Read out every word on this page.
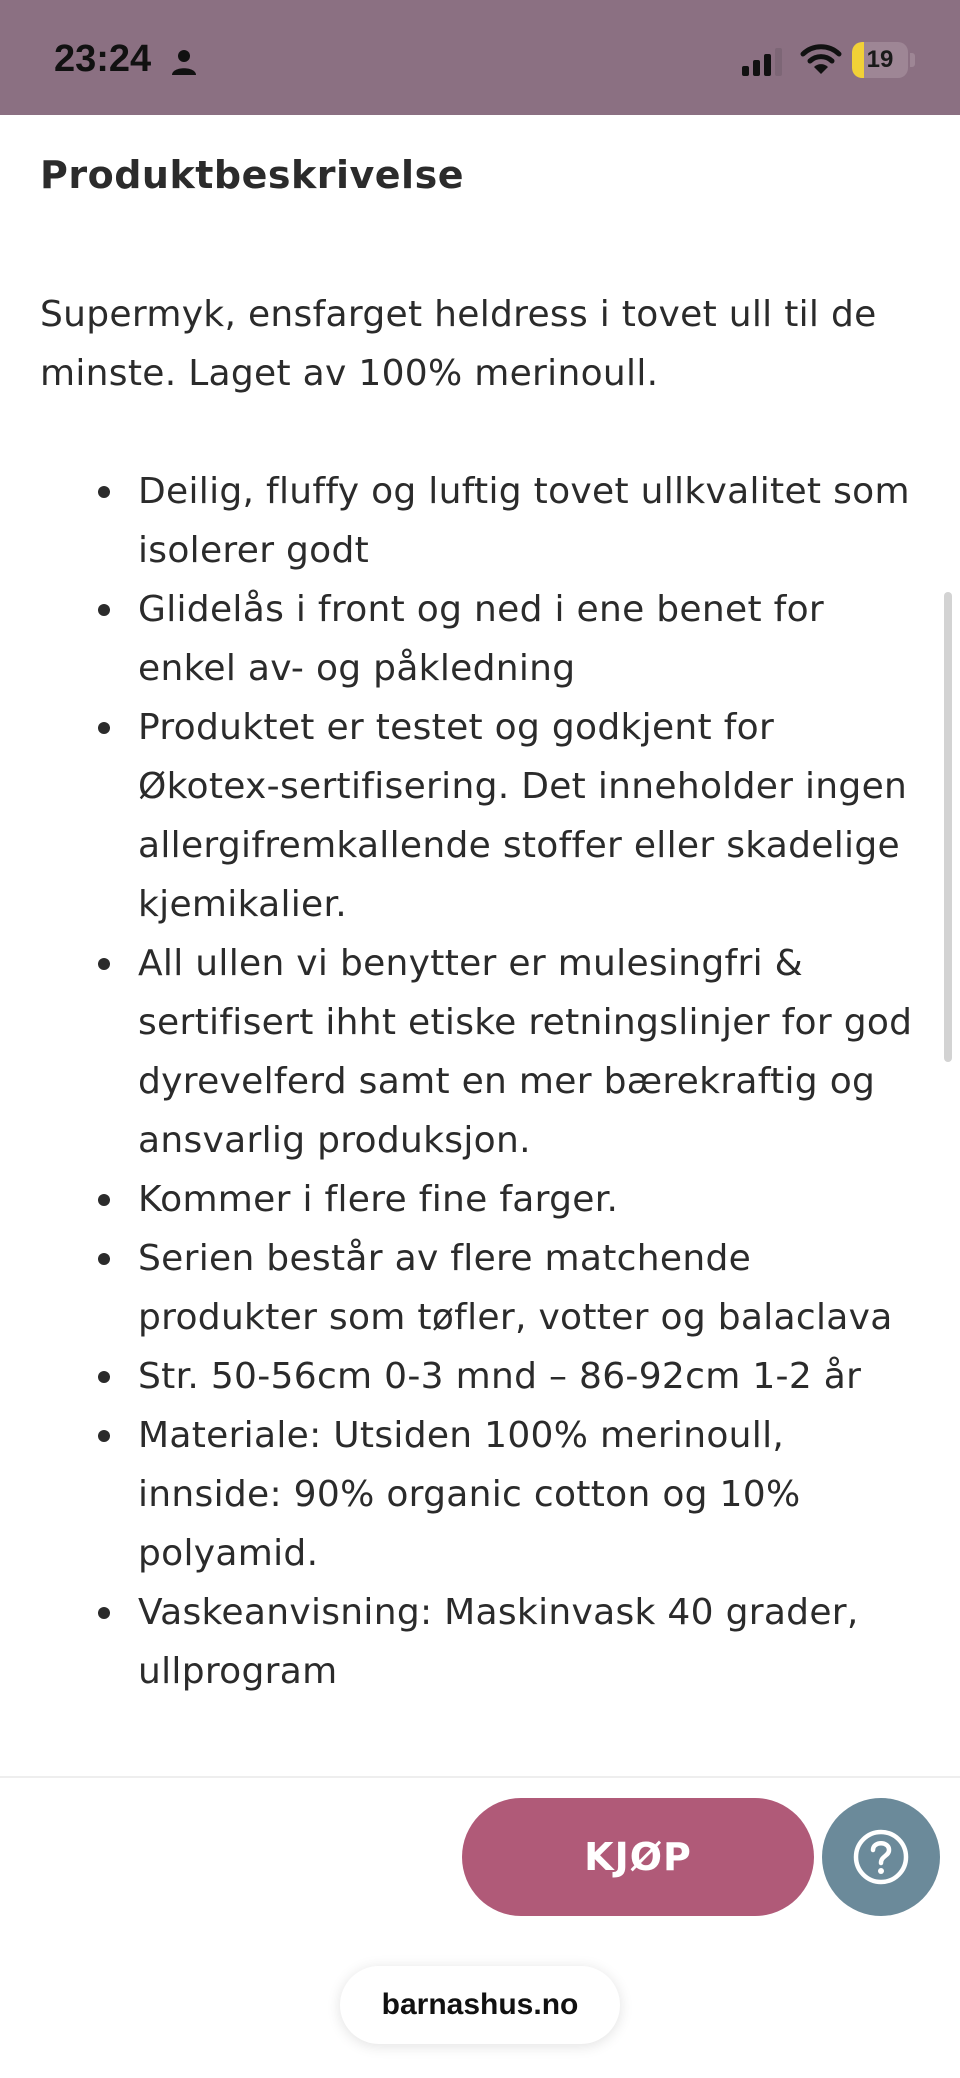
23:24	19
Produktbeskrivelse

Supermyk, ensfarget heldress i tovet ull til de minste. Laget av 100% merinoull.

Deilig, fluffy og luftig tovet ullkvalitet som isolerer godt
Glidelås i front og ned i ene benet for enkel av- og påkledning
Produktet er testet og godkjent for Økotex-sertifisering. Det inneholder ingen allergifremkallende stoffer eller skadelige kjemikalier.
All ullen vi benytter er mulesingfri & sertifisert ihht etiske retningslinjer for god dyrevelferd samt en mer bærekraftig og ansvarlig produksjon.
Kommer i flere fine farger.
Serien består av flere matchende produkter som tøfler, votter og balaclava
Str. 50-56cm 0-3 mnd – 86-92cm 1-2 år
Materiale: Utsiden 100% merinoull, innside: 90% organic cotton og 10% polyamid.
Vaskeanvisning: Maskinvask 40 grader, ullprogram
KJØP
barnashus.no
